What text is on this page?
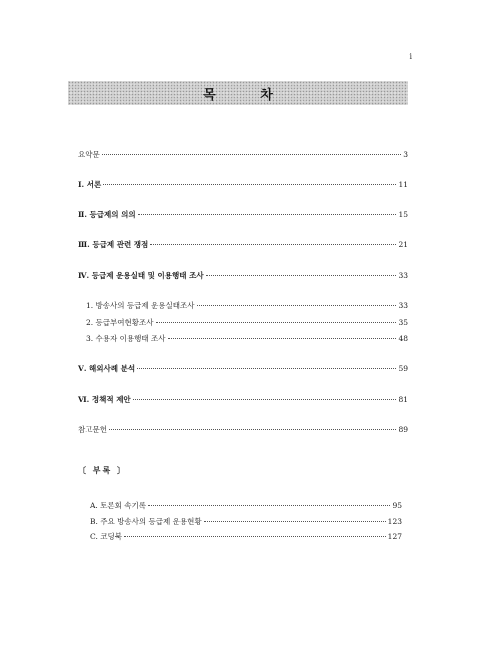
i
목 차
요약문	3
Ⅰ. 서론	11
Ⅱ. 등급제의 의의	15
Ⅲ. 등급제 관련 쟁점	21
Ⅳ. 등급제 운용실태 및 이용행태 조사	33
1. 방송사의 등급제 운용실태조사	33
2. 등급부여현황조사	35
3. 수용자 이용행태 조사	48
Ⅴ. 해외사례 분석	59
Ⅵ. 정책적 제안	81
참고문헌	89
〔 부록 〕
A. 토론회 속기록	95
B. 주요 방송사의 등급제 운용현황	123
C. 코딩북	127
